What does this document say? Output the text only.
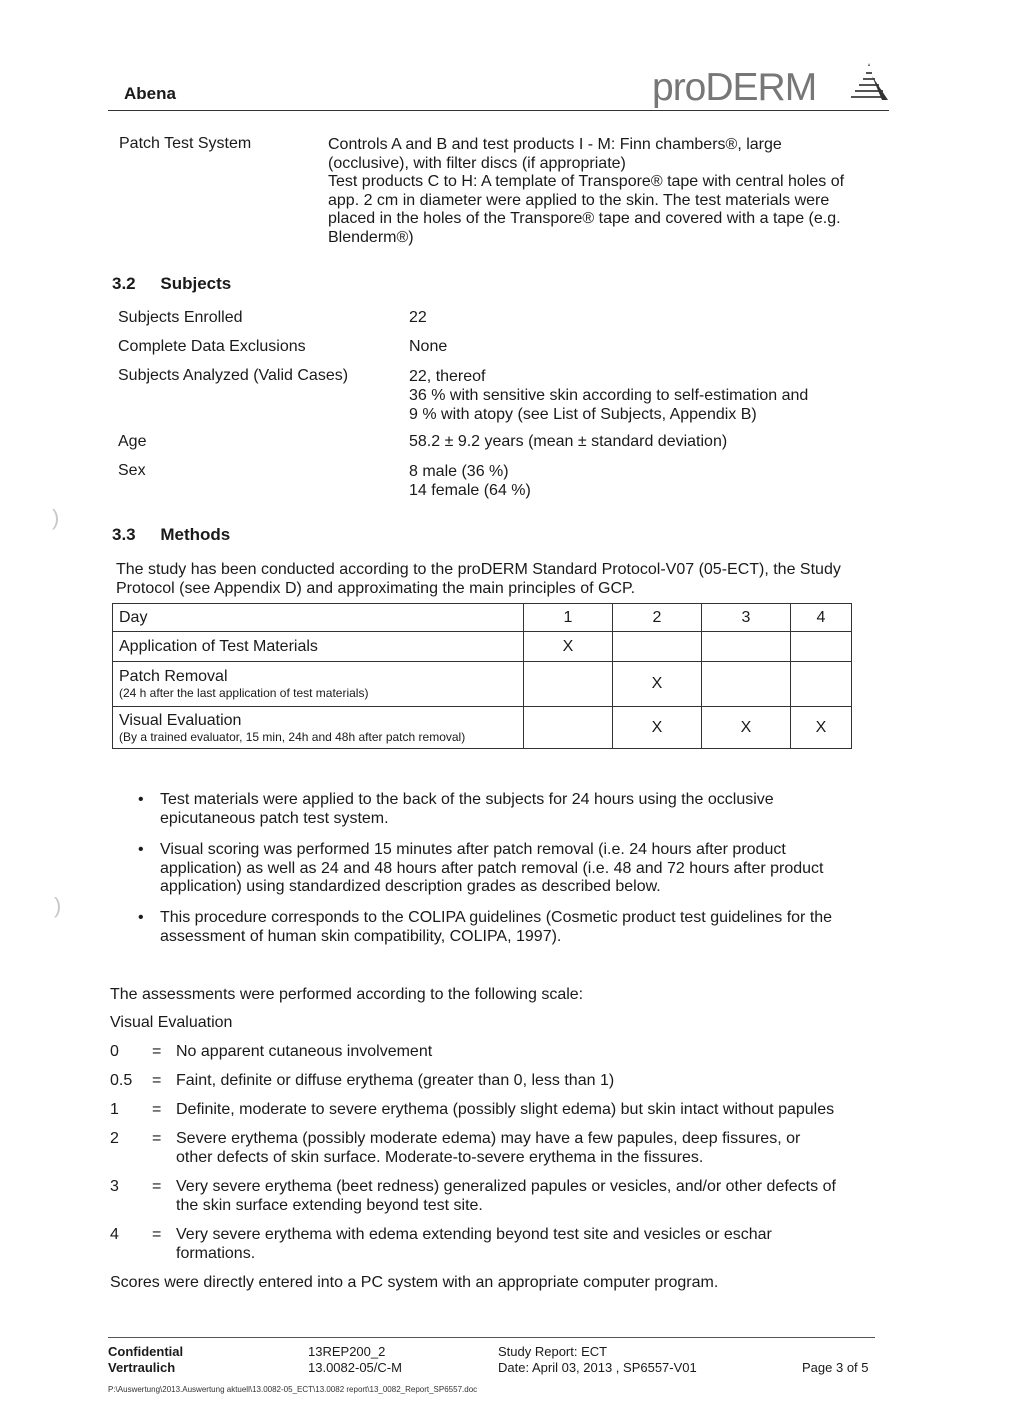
Abena	proDERM
Patch Test System	Controls A and B and test products I - M: Finn chambers®, large
(occlusive), with filter discs (if appropriate)
Test products C to H: A template of Transpore® tape with central holes of
app. 2 cm in diameter were applied to the skin. The test materials were
placed in the holes of the Transpore® tape and covered with a tape (e.g.
Blenderm®)
3.2 Subjects
Subjects Enrolled	22
Complete Data Exclusions	None
Subjects Analyzed (Valid Cases)	22, thereof
36 % with sensitive skin according to self-estimation and
9 % with atopy (see List of Subjects, Appendix B)
Age	58.2 ± 9.2 years (mean ± standard deviation)
Sex	8 male (36 %)
14 female (64 %)
)
3.3 Methods
The study has been conducted according to the proDERM Standard Protocol-V07 (05-ECT), the Study
Protocol (see Appendix D) and approximating the main principles of GCP.
Day	1	2	3	4
Application of Test Materials	X			

Patch Removal
(24 h after the last application of test materials)		X		

Visual Evaluation
(By a trained evaluator, 15 min, 24h and 48h after patch removal)		X	X	X
• Test materials were applied to the back of the subjects for 24 hours using the occlusive
epicutaneous patch test system.
• Visual scoring was performed 15 minutes after patch removal (i.e. 24 hours after product
application) as well as 24 and 48 hours after patch removal (i.e. 48 and 72 hours after product
application) using standardized description grades as described below.
)	• This procedure corresponds to the COLIPA guidelines (Cosmetic product test guidelines for the
assessment of human skin compatibility, COLIPA, 1997).
The assessments were performed according to the following scale:
Visual Evaluation
0 = No apparent cutaneous involvement
0.5 = Faint, definite or diffuse erythema (greater than 0, less than 1)
1 = Definite, moderate to severe erythema (possibly slight edema) but skin intact without papules
2 = Severe erythema (possibly moderate edema) may have a few papules, deep fissures, or
other defects of skin surface. Moderate-to-severe erythema in the fissures.
3 = Very severe erythema (beet redness) generalized papules or vesicles, and/or other defects of
the skin surface extending beyond test site.
4 = Very severe erythema with edema extending beyond test site and vesicles or eschar
formations.
Scores were directly entered into a PC system with an appropriate computer program.
Confidential
Vertraulich
13REP200_2
13.0082-05/C-M
Study Report: ECT
Date: April 03, 2013 , SP6557-V01	Page 3 of 5
P:\Auswertung\2013.Auswertung aktuell\13.0082-05_ECT\13.0082 report\13_0082_Report_SP6557.doc
